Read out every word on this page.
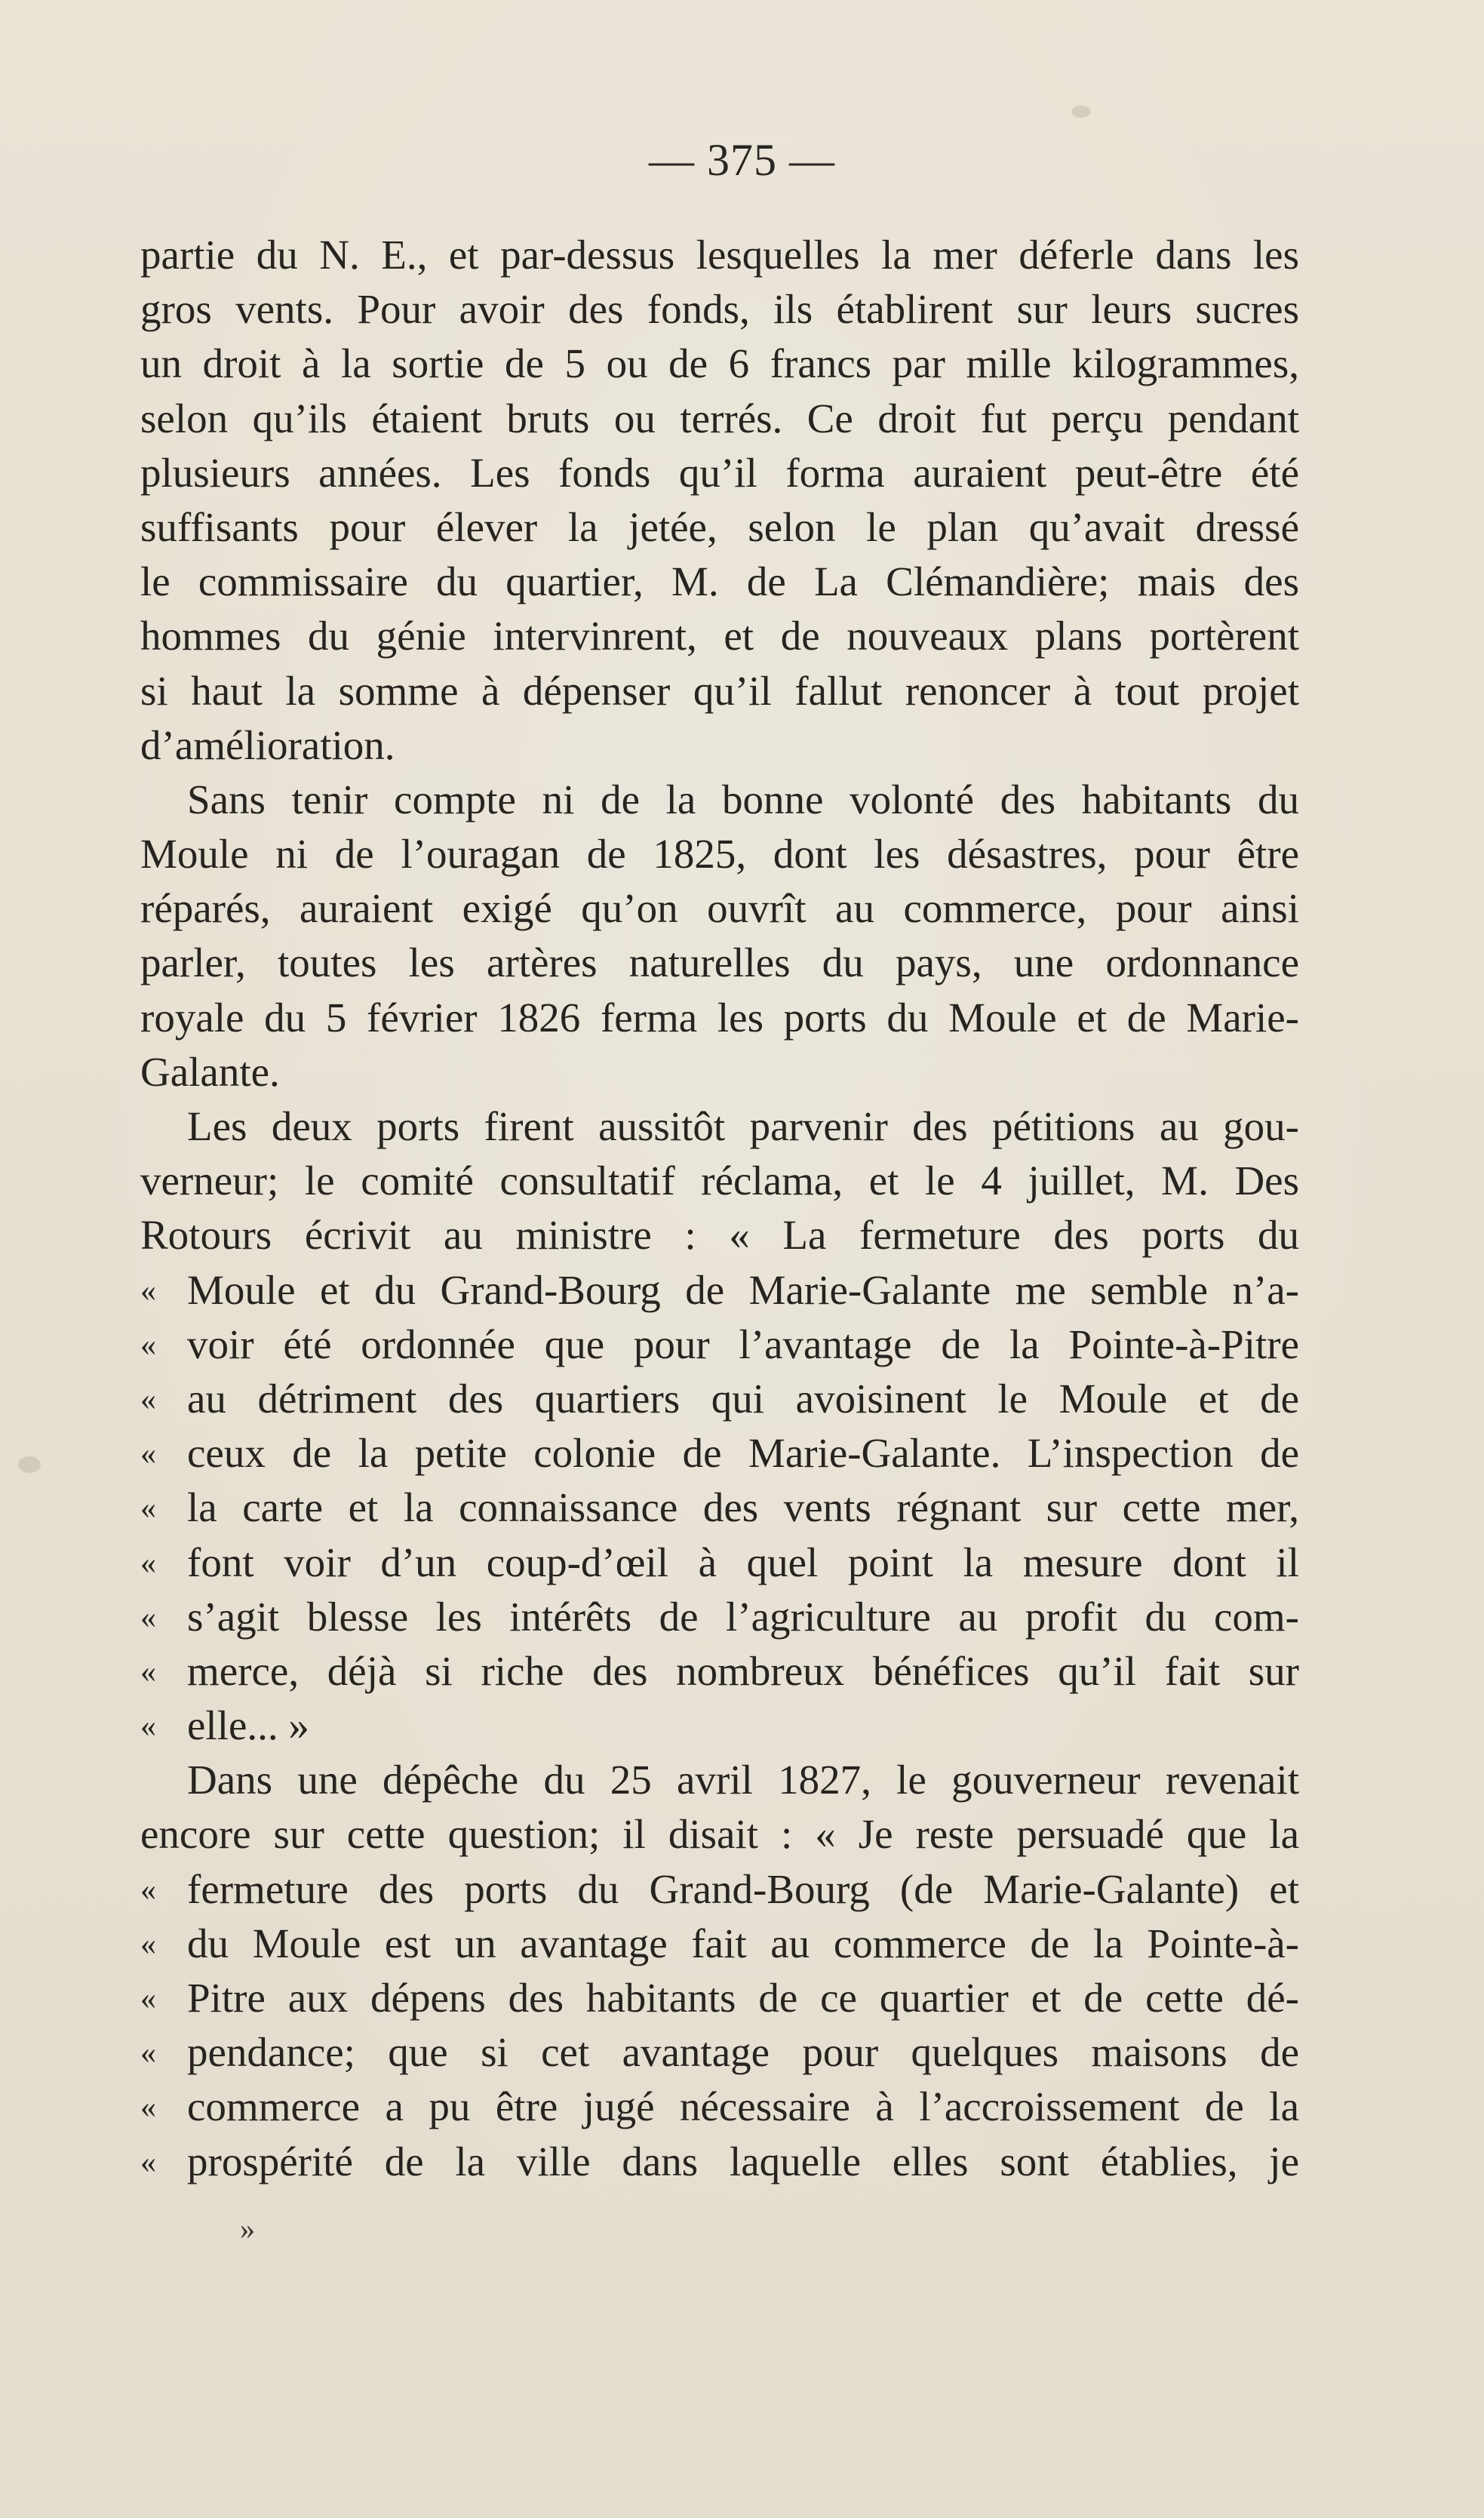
— 375 —
partie du N. E., et par-dessus lesquelles la mer déferle dans les
gros vents. Pour avoir des fonds, ils établirent sur leurs sucres
un droit à la sortie de 5 ou de 6 francs par mille kilogrammes,
selon qu’ils étaient bruts ou terrés. Ce droit fut perçu pendant
plusieurs années. Les fonds qu’il forma auraient peut-être été
suffisants pour élever la jetée, selon le plan qu’avait dressé
le commissaire du quartier, M. de La Clémandière; mais des
hommes du génie intervinrent, et de nouveaux plans portèrent
si haut la somme à dépenser qu’il fallut renoncer à tout projet
d’amélioration.
Sans tenir compte ni de la bonne volonté des habitants du
Moule ni de l’ouragan de 1825, dont les désastres, pour être
réparés, auraient exigé qu’on ouvrît au commerce, pour ainsi
parler, toutes les artères naturelles du pays, une ordonnance
royale du 5 février 1826 ferma les ports du Moule et de Marie-
Galante.
Les deux ports firent aussitôt parvenir des pétitions au gou-
verneur; le comité consultatif réclama, et le 4 juillet, M. Des
Rotours écrivit au ministre : « La fermeture des ports du
« Moule et du Grand-Bourg de Marie-Galante me semble n’a-
« voir été ordonnée que pour l’avantage de la Pointe-à-Pitre
« au détriment des quartiers qui avoisinent le Moule et de
« ceux de la petite colonie de Marie-Galante. L’inspection de
« la carte et la connaissance des vents régnant sur cette mer,
« font voir d’un coup-d’œil à quel point la mesure dont il
« s’agit blesse les intérêts de l’agriculture au profit du com-
« merce, déjà si riche des nombreux bénéfices qu’il fait sur
« elle... »
Dans une dépêche du 25 avril 1827, le gouverneur revenait
encore sur cette question; il disait : « Je reste persuadé que la
« fermeture des ports du Grand-Bourg (de Marie-Galante) et
« du Moule est un avantage fait au commerce de la Pointe-à-
« Pitre aux dépens des habitants de ce quartier et de cette dé-
« pendance; que si cet avantage pour quelques maisons de
« commerce a pu être jugé nécessaire à l’accroissement de la
« prospérité de la ville dans laquelle elles sont établies, je
»
